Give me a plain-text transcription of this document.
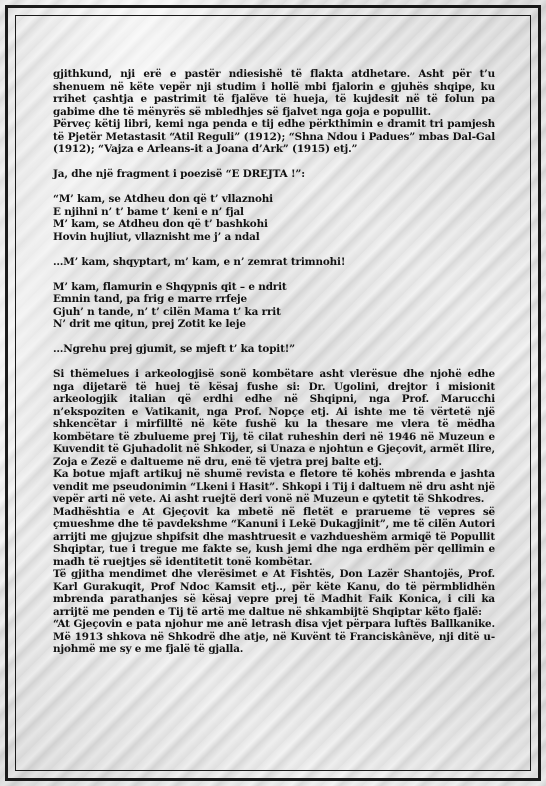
gjithkund, nji erë e pastër ndiesishë të flakta atdhetare. Asht për t’u shenuem në këte vepër nji studim i hollë mbi fjalorin e gjuhës shqipe, ku rrihet çashtja e pastrimit të fjalëve të hueja, të kujdesit në të folun pa gabime dhe të mënyrës së mbledhjes së fjalvet nga goja e popullit.

Përveç këtij libri, kemi nga penda e tij edhe përkthimin e dramit tri pamjesh të Pjetër Metastasit “Atil Reguli” (1912); “Shna Ndou i Padues” mbas Dal-Gal (1912); “Vajza e Arleans-it a Joana d’Ark” (1915) etj.”

Ja, dhe një fragment i poezisë “E DREJTA !”:

“M’ kam, se Atdheu don që t’ vllaznohi

E njihni n’ t’ bame t’ keni e n’ fjal

M’ kam, se Atdheu don që t’ bashkohi

Hovin hujliut, vllaznisht me j’ a ndal

…M’ kam, shqyptart, m’ kam, e n’ zemrat trimnohi!

M’ kam, flamurin e Shqypnis qit – e ndrit

Emnin tand, pa frig e marre rrfeje

Gjuh’ n tande, n’ t’ cilën Mama t’ ka rrit

N’ drit me qitun, prej Zotit ke leje

…Ngrehu prej gjumit, se mjeft t’ ka topit!”

Si thëmelues i arkeologjisë sonë kombëtare asht vlerësue dhe njohë edhe nga dijetarë të huej të kësaj fushe si: Dr. Ugolini, drejtor i misionit arkeologjik italian që erdhi edhe në Shqipni, nga Prof. Marucchi n’ekspoziten e Vatikanit, nga Prof. Nopçe etj. Ai ishte me të vërtetë një shkencëtar i mirfilltë në këte fushë ku la thesare me vlera të mëdha kombëtare të zbulueme prej Tij, të cilat ruheshin deri në 1946 në Muzeun e Kuvendit të Gjuhadolit në Shkoder, si Unaza e njohtun e Gjeçovit, armët Ilire, Zoja e Zezë e daltueme në dru, enë të vjetra prej balte etj.

Ka botue mjaft artikuj në shumë revista e fletore të kohës mbrenda e jashta vendit me pseudonimin “Lkeni i Hasit”. Shkopi i Tij i daltuem në dru asht një vepër arti në vete. Ai asht ruejtë deri vonë në Muzeun e qytetit të Shkodres.

Madhështia e At Gjeçovit ka mbetë në fletët e prarueme të vepres së çmueshme dhe të pavdekshme “Kanuni i Lekë Dukagjinit”, me të cilën Autori arrijti me gjujzue shpifsit dhe mashtruesit e vazhdueshëm armiqë të Popullit Shqiptar, tue i tregue me fakte se, kush jemi dhe nga erdhëm për qellimin e madh të ruejtjes së identitetit tonë kombëtar.

Të gjitha mendimet dhe vlerësimet e At Fishtës, Don Lazër Shantojës, Prof. Karl Gurakuqit, Prof Ndoc Kamsit etj.., për këte Kanu, do të përmblidhën mbrenda parathanjes së kësaj vepre prej të Madhit Faik Konica, i cili ka arrijtë me penden e Tij të artë me daltue në shkambijtë Shqiptar këto fjalë:

“At Gjeçovin e pata njohur me anë letrash disa vjet përpara luftës Ballkanike. Më 1913 shkova në Shkodrë dhe atje, në Kuvënt të Franciskânëve, nji ditë u-njohmë me sy e me fjalë të gjalla.
